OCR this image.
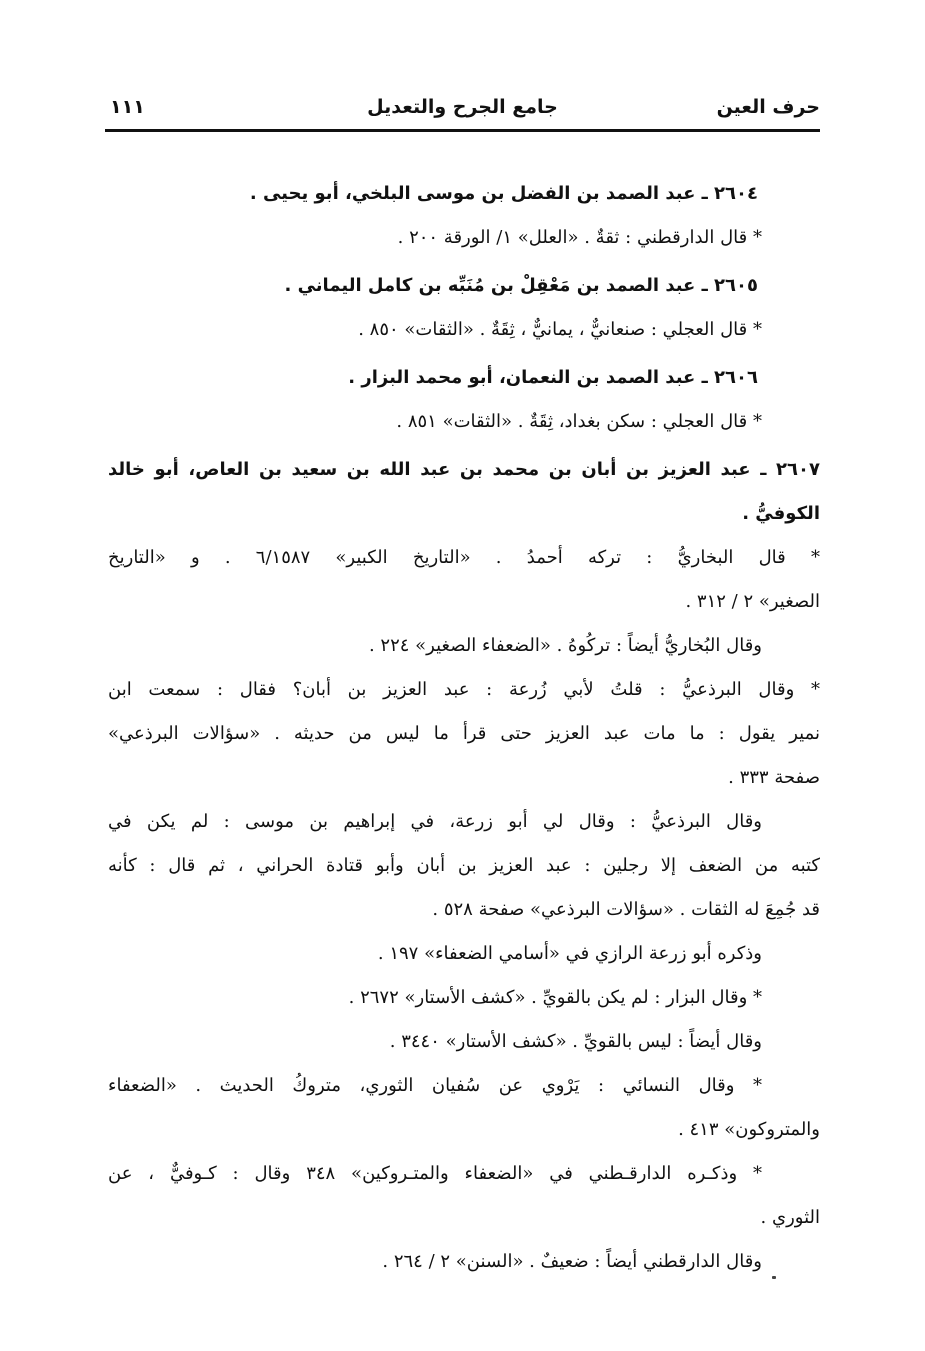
حرف العين
جامع الجرح والتعديل
١١١
٢٦٠٤ ـ عبد الصمد بن الفضل بن موسى البلخي، أبو يحيى .
* قال الدارقطني : ثقةٌ . «العلل» ١/ الورقة ٢٠٠ .
٢٦٠٥ ـ عبد الصمد بن مَعْقِلْ بن مُنَبِّه بن كامل اليماني .
* قال العجلي : صنعانيٌّ ، يمانيٌّ ، ثِقَةٌ . «الثقات» ٨٥٠ .
٢٦٠٦ ـ عبد الصمد بن النعمان، أبو محمد البزار .
* قال العجلي : سكن بغداد، ثِقَةٌ . «الثقات» ٨٥١ .
٢٦٠٧ ـ عبد العزيز بن أبان بن محمد بن عبد الله بن سعيد بن العاص، أبو خالد
الكوفيُّ .
* قال البخاريُّ : تركه أحمدُ . «التاريخ الكبير» ٦/١٥٨٧ . و «التاريخ
الصغير» ٢ / ٣١٢ .
وقال البُخاريُّ أيضاً : تركُوهُ . «الضعفاء الصغير» ٢٢٤ .
* وقال البرذعيُّ : قلتُ لأبي زُرعة : عبد العزيز بن أبان؟ فقال : سمعت ابن
نمير يقول : ما مات عبد العزيز حتى قرأ ما ليس من حديثه . «سؤالات البرذعي»
صفحة ٣٣٣ .
وقال البرذعيُّ : وقال لي أبو زرعة، في إبراهيم بن موسى : لم يكن في
كتبه من الضعف إلا رجلين : عبد العزيز بن أبان وأبو قتادة الحراني ، ثم قال : كأنه
قد جُمِعَ له الثقات . «سؤالات البرذعي» صفحة ٥٢٨ .
وذكره أبو زرعة الرازي في «أسامي الضعفاء» ١٩٧ .
* وقال البزار : لم يكن بالقويِّ . «كشف الأستار» ٢٦٧٢ .
وقال أيضاً : ليس بالقويِّ . «كشف الأستار» ٣٤٤٠ .
* وقال النسائي : يَرْوي عن سُفيان الثوري، متروكُ الحديث . «الضعفاء
والمتروكون» ٤١٣ .
* وذكـره الدارقـطني في «الضعفاء والمتـروكين» ٣٤٨ وقال : كـوفيٌّ ، عن
الثوري .
وقال الدارقطني أيضاً : ضعيفٌ . «السنن» ٢ / ٢٦٤ .
